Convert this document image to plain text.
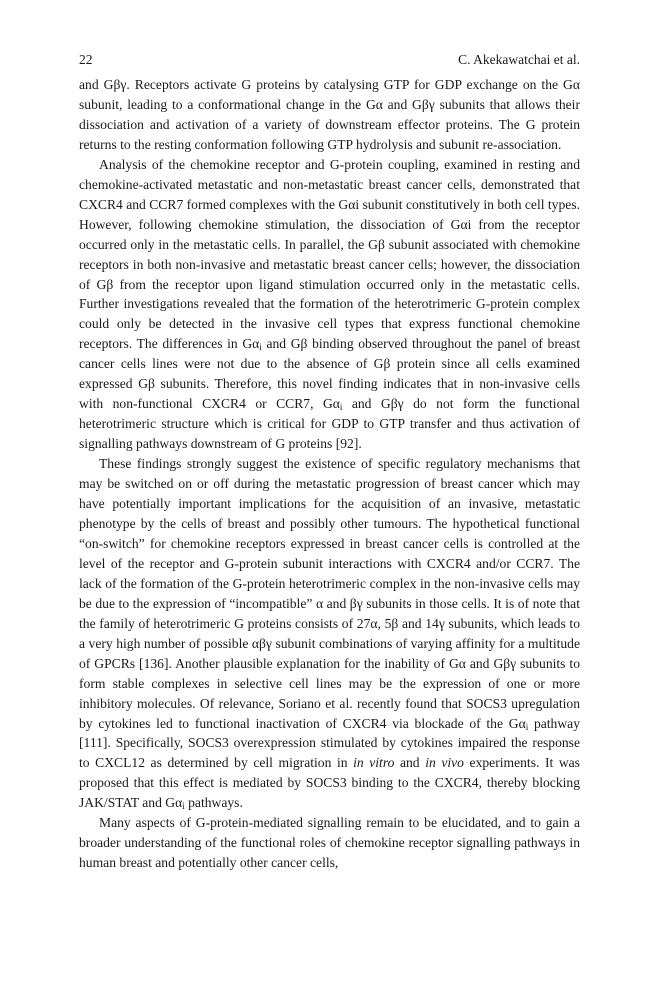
22	C. Akekawatchai et al.

and Gβγ. Receptors activate G proteins by catalysing GTP for GDP exchange on the Gα subunit, leading to a conformational change in the Gα and Gβγ subunits that allows their dissociation and activation of a variety of downstream effector proteins. The G protein returns to the resting conformation following GTP hydrolysis and subunit re-association.

Analysis of the chemokine receptor and G-protein coupling, examined in resting and chemokine-activated metastatic and non-metastatic breast cancer cells, demonstrated that CXCR4 and CCR7 formed complexes with the Gαi subunit constitutively in both cell types. However, following chemokine stimulation, the dissociation of Gαi from the receptor occurred only in the metastatic cells. In parallel, the Gβ subunit associated with chemokine receptors in both non-invasive and metastatic breast cancer cells; however, the dissociation of Gβ from the receptor upon ligand stimulation occurred only in the metastatic cells. Further investigations revealed that the formation of the heterotrimeric G-protein complex could only be detected in the invasive cell types that express functional chemokine receptors. The differences in $G\alpha_i$ and Gβ binding observed throughout the panel of breast cancer cells lines were not due to the absence of Gβ protein since all cells examined expressed Gβ subunits. Therefore, this novel finding indicates that in non-invasive cells with non-functional CXCR4 or CCR7, $G\alpha_i$ and Gβγ do not form the functional heterotrimeric structure which is critical for GDP to GTP transfer and thus activation of signalling pathways downstream of G proteins [92].

These findings strongly suggest the existence of specific regulatory mechanisms that may be switched on or off during the metastatic progression of breast cancer which may have potentially important implications for the acquisition of an invasive, metastatic phenotype by the cells of breast and possibly other tumours. The hypothetical functional “on-switch” for chemokine receptors expressed in breast cancer cells is controlled at the level of the receptor and G-protein subunit interactions with CXCR4 and/or CCR7. The lack of the formation of the G-protein heterotrimeric complex in the non-invasive cells may be due to the expression of “incompatible” α and βγ subunits in those cells. It is of note that the family of heterotrimeric G proteins consists of 27α, 5β and 14γ subunits, which leads to a very high number of possible αβγ subunit combinations of varying affinity for a multitude of GPCRs [136]. Another plausible explanation for the inability of Gα and Gβγ subunits to form stable complexes in selective cell lines may be the expression of one or more inhibitory molecules. Of relevance, Soriano et al. recently found that SOCS3 upregulation by cytokines led to functional inactivation of CXCR4 via blockade of the $G\alpha_i$ pathway [111]. Specifically, SOCS3 overexpression stimulated by cytokines impaired the response to CXCL12 as determined by cell migration in in vitro and in vivo experiments. It was proposed that this effect is mediated by SOCS3 binding to the CXCR4, thereby blocking JAK/STAT and $G\alpha_i$ pathways.

Many aspects of G-protein-mediated signalling remain to be elucidated, and to gain a broader understanding of the functional roles of chemokine receptor signalling pathways in human breast and potentially other cancer cells,
